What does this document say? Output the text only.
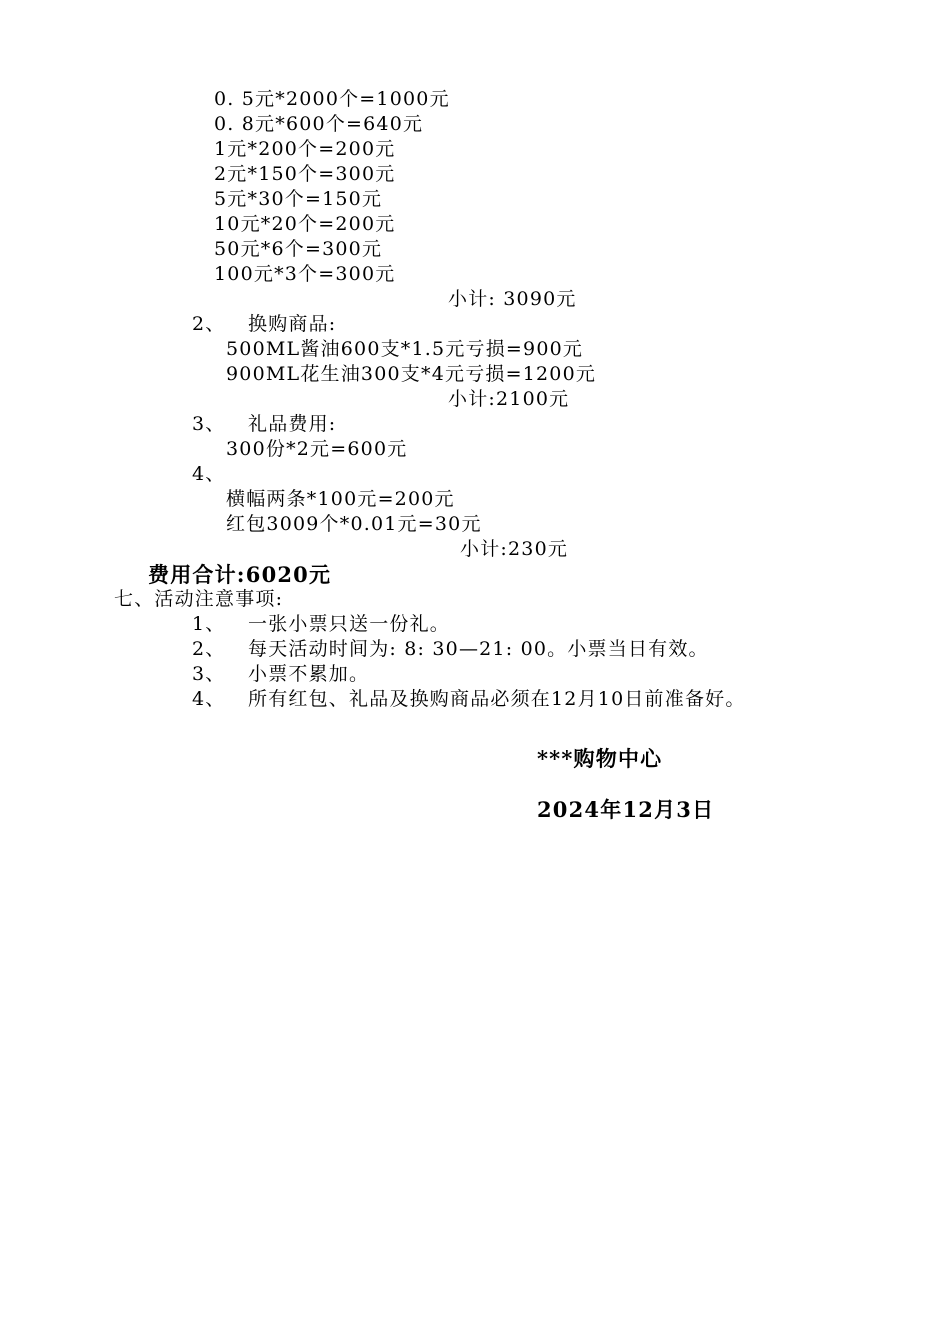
0. 5元*2000个=1000元
0. 8元*600个=640元
1元*200个=200元
2元*150个=300元
5元*30个=150元
10元*20个=200元
50元*6个=300元
100元*3个=300元
小计: 3090元
2、 换购商品:
500ML酱油600支*1.5元亏损=900元
900ML花生油300支*4元亏损=1200元
小计:2100元
3、 礼品费用:
300份*2元=600元
4、
横幅两条*100元=200元
红包3009个*0.01元=30元
小计:230元
费用合计:6020元
七、活动注意事项:
1、 一张小票只送一份礼。
2、 每天活动时间为: 8: 30—21: 00。小票当日有效。
3、 小票不累加。
4、 所有红包、礼品及换购商品必须在12月10日前准备好。
***购物中心
2024年12月3日
